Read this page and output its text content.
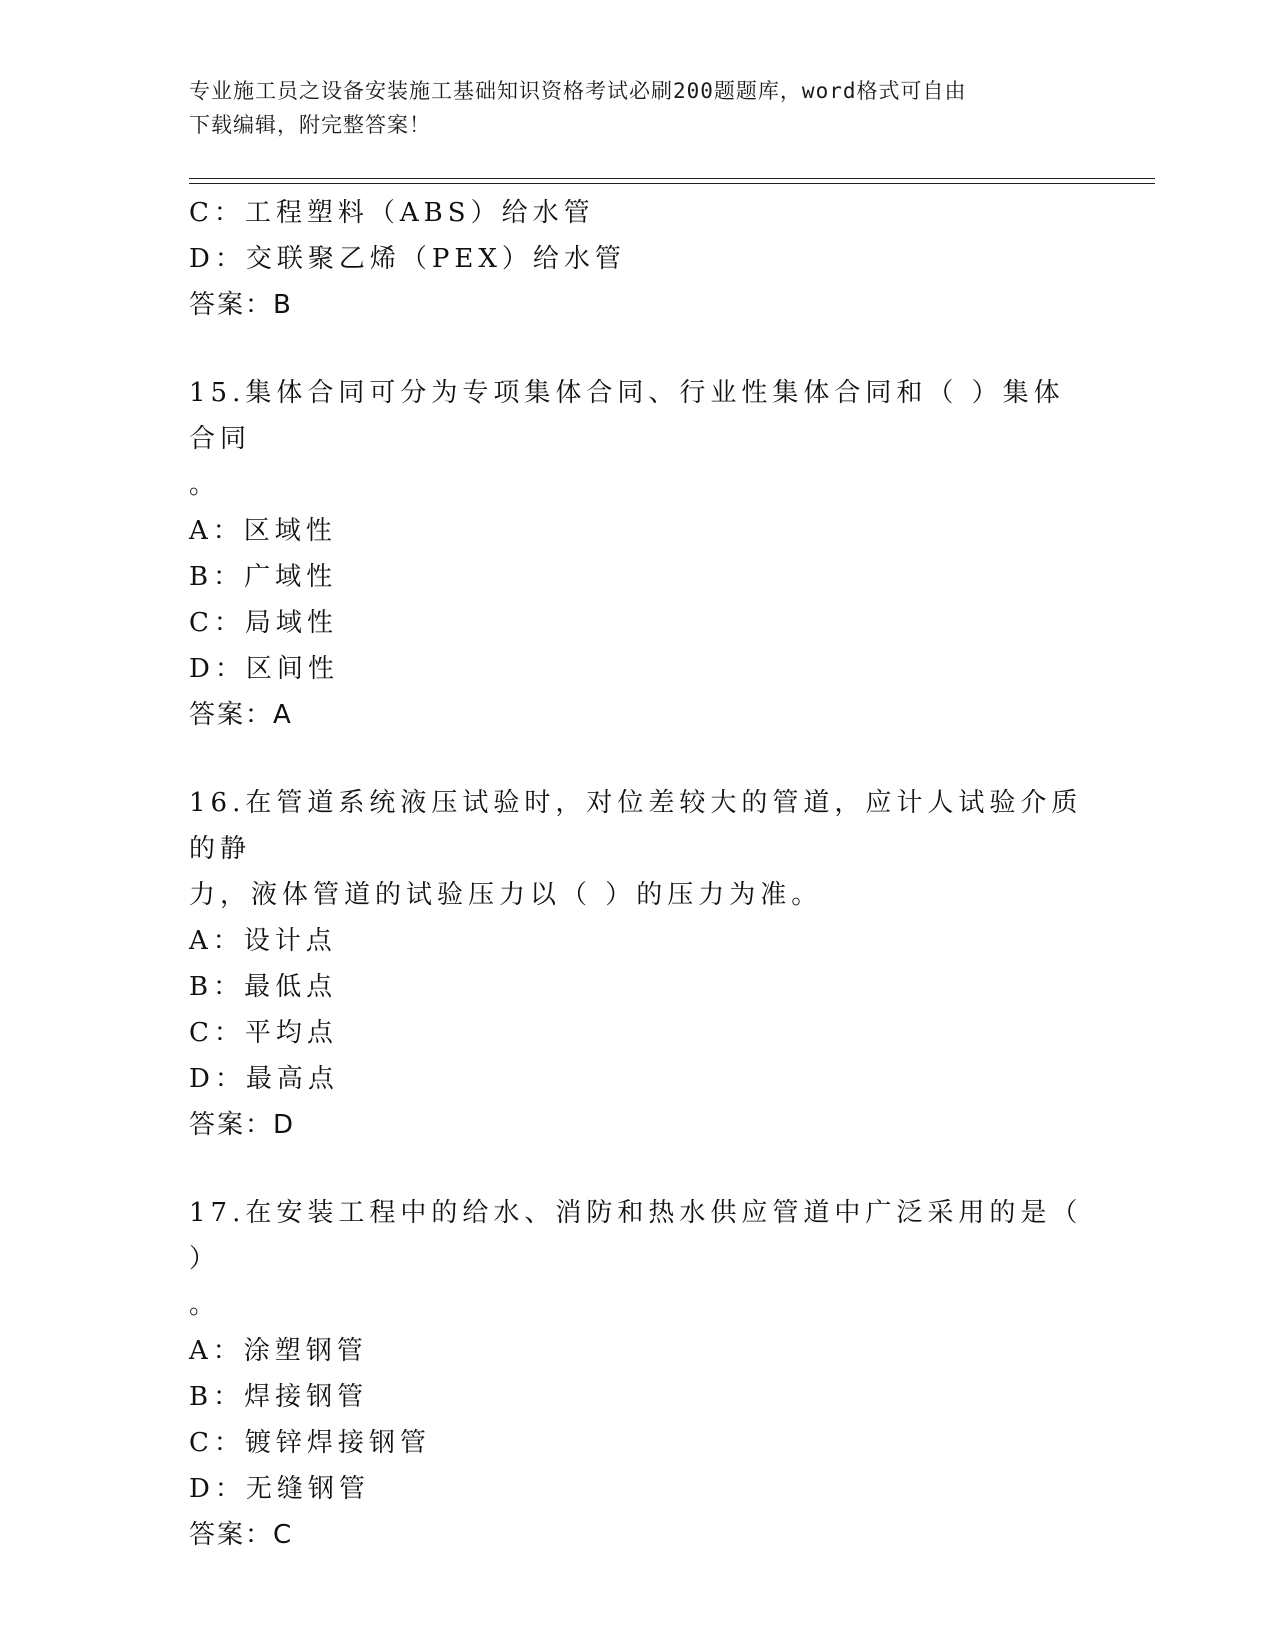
专业施工员之设备安装施工基础知识资格考试必刷200题题库，word格式可自由
下载编辑，附完整答案！
C：工程塑料（ABS）给水管
D：交联聚乙烯（PEX）给水管
答案：B
15.集体合同可分为专项集体合同、行业性集体合同和（ ）集体合同
。
A：区域性
B：广域性
C：局域性
D：区间性
答案：A
16.在管道系统液压试验时，对位差较大的管道，应计人试验介质的静
力，液体管道的试验压力以（ ）的压力为准。
A：设计点
B：最低点
C：平均点
D：最高点
答案：D
17.在安装工程中的给水、消防和热水供应管道中广泛采用的是（ ）
。
A：涂塑钢管
B：焊接钢管
C：镀锌焊接钢管
D：无缝钢管
答案：C
